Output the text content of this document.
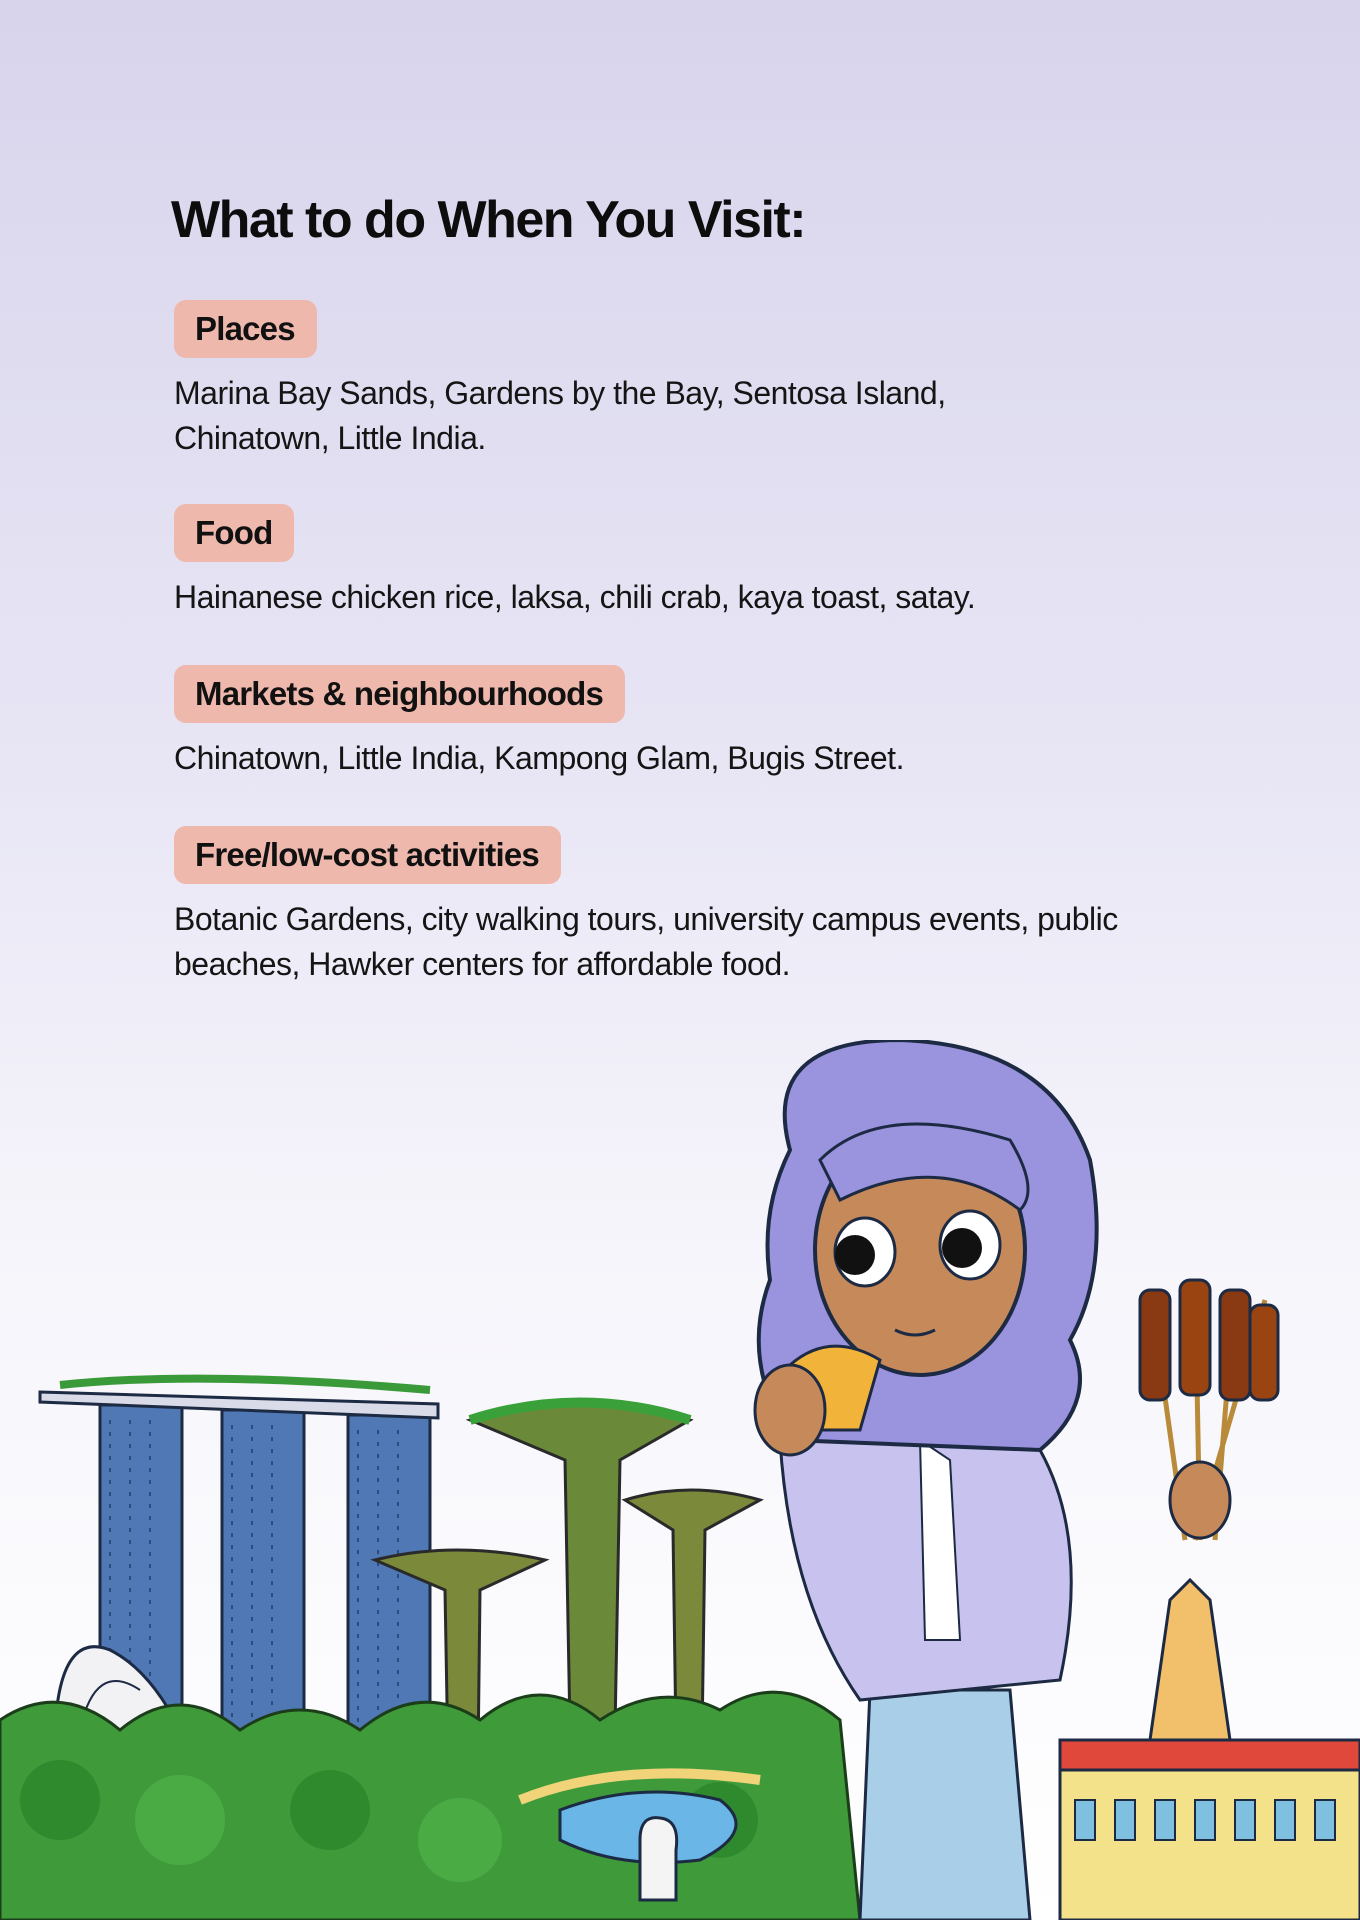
What to do When You Visit:
Places

Marina Bay Sands, Gardens by the Bay, Sentosa Island, Chinatown, Little India.

Food

Hainanese chicken rice, laksa, chili crab, kaya toast, satay.

Markets & neighbourhoods

Chinatown, Little India, Kampong Glam, Bugis Street.

Free/low-cost activities

Botanic Gardens, city walking tours, university campus events, public beaches, Hawker centers for affordable food.
